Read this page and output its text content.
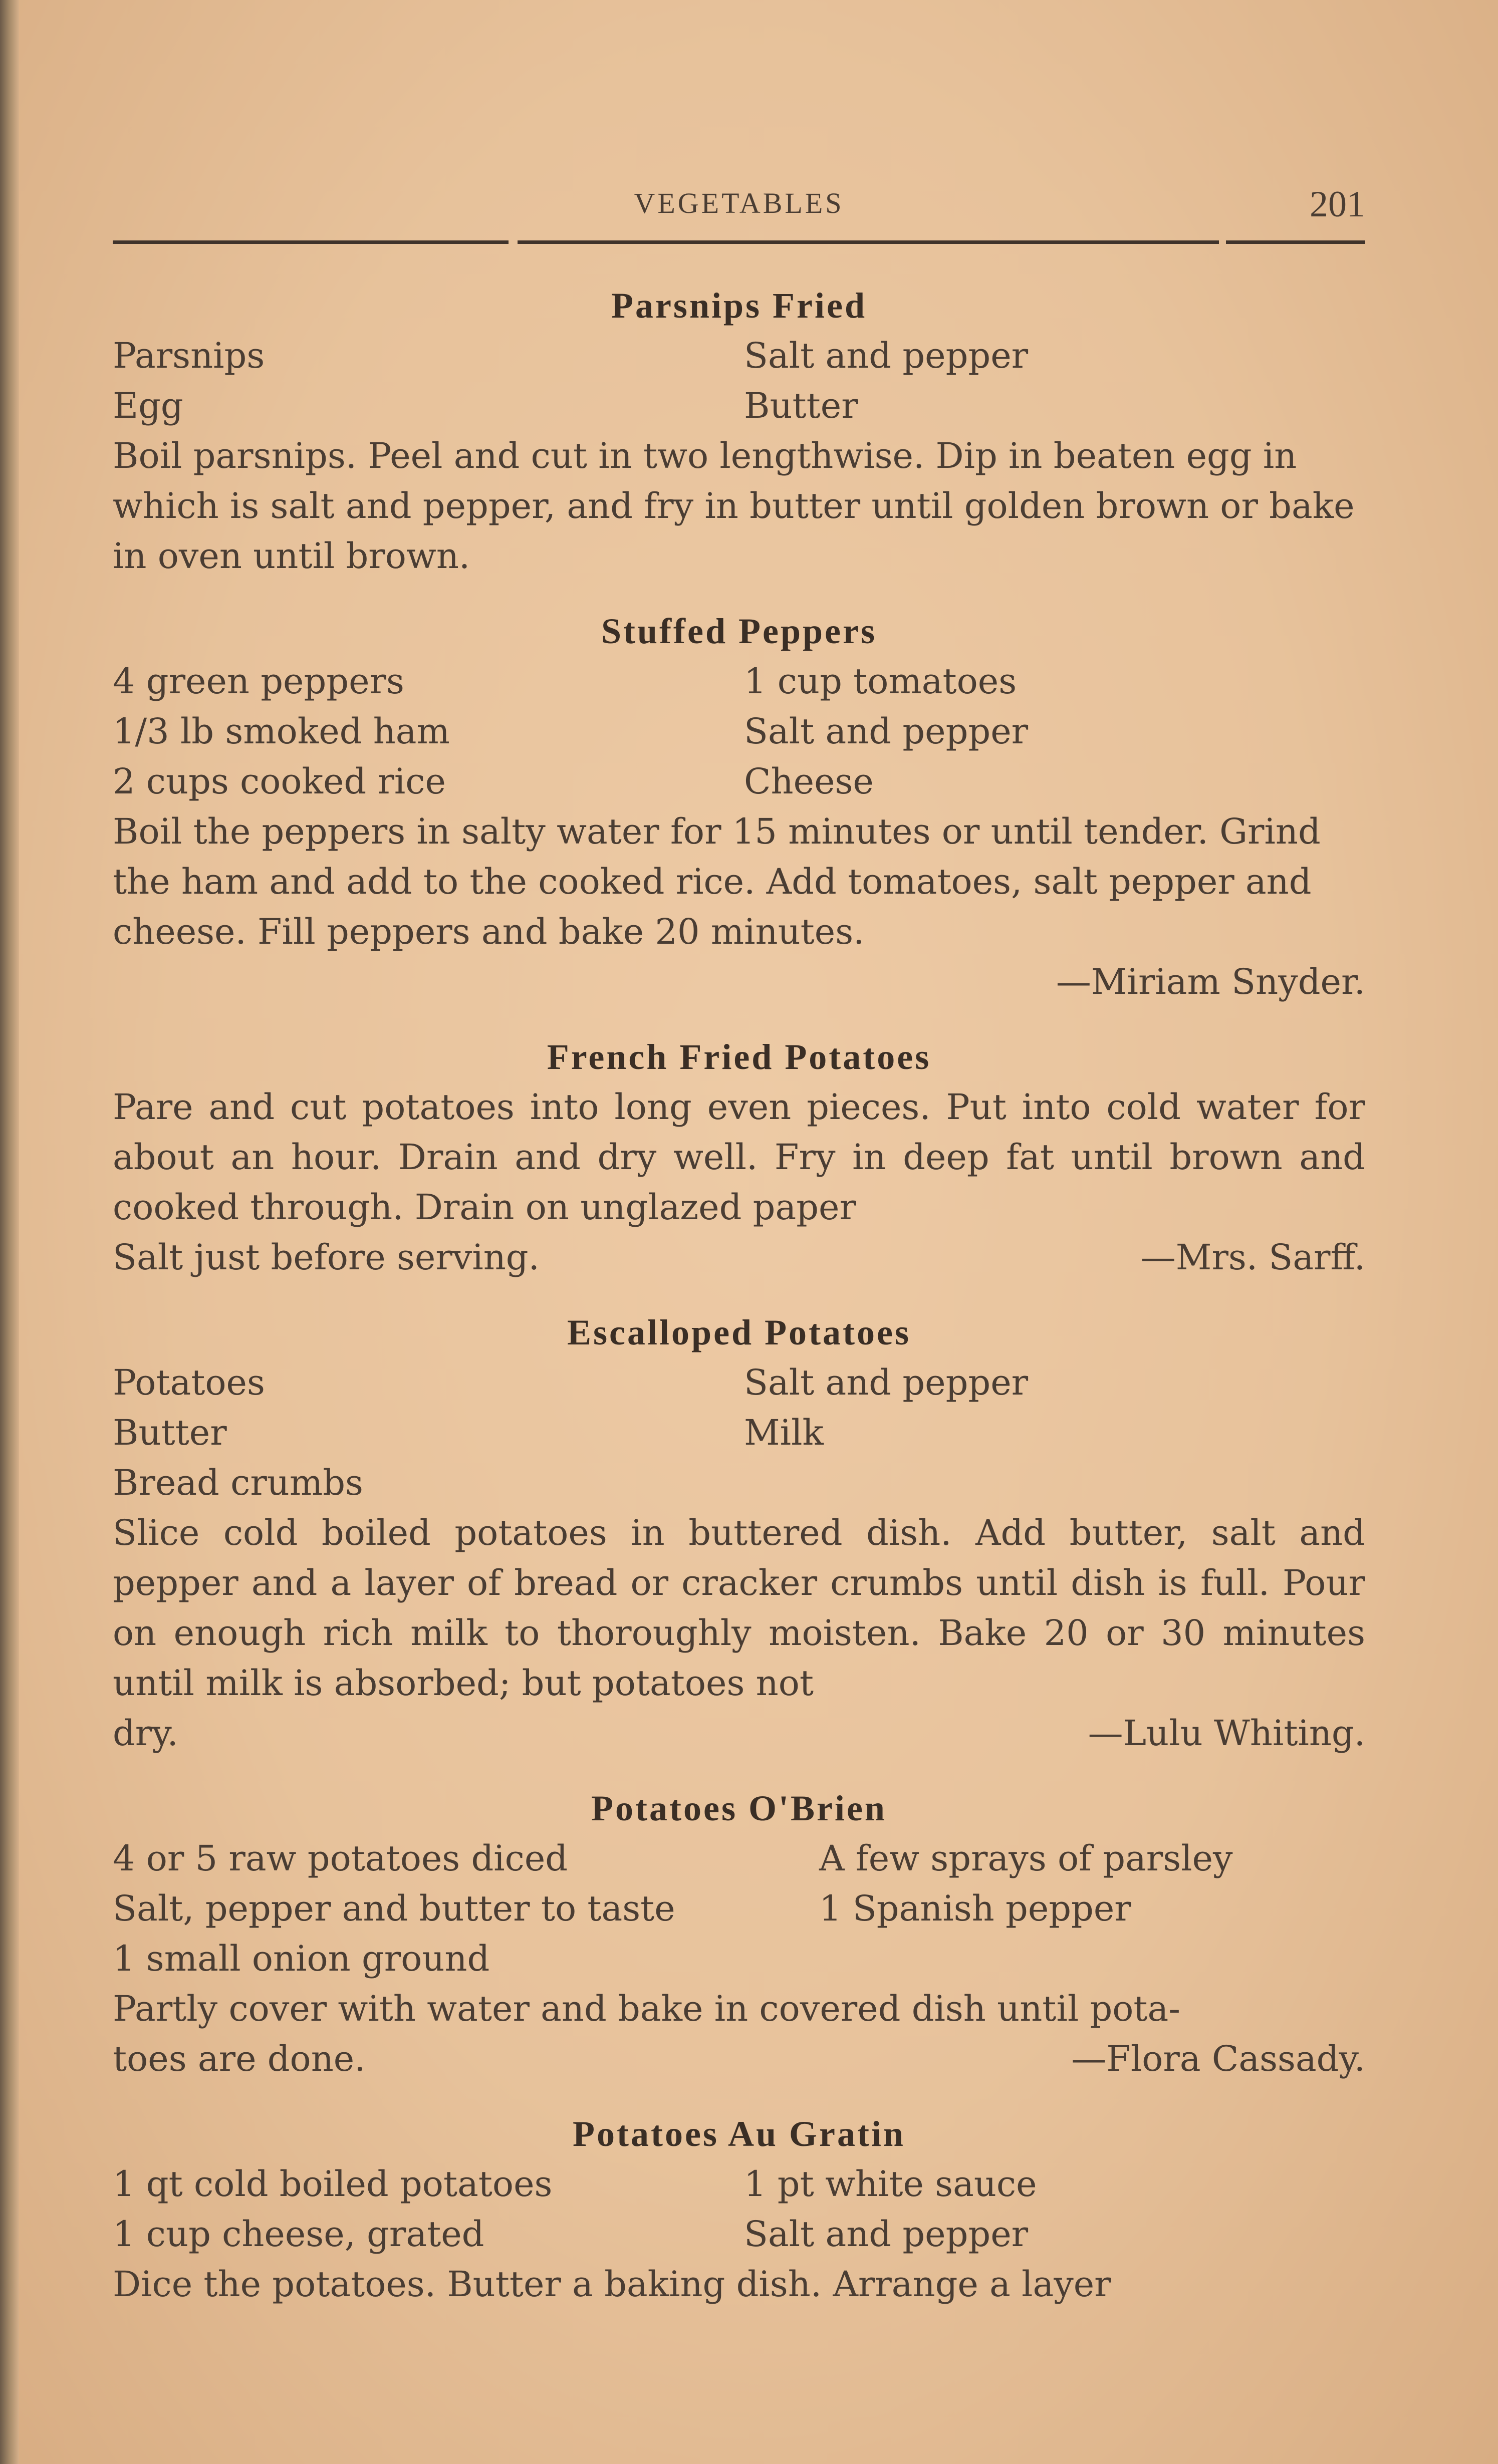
VEGETABLES	201
Parsnips Fried
Parsnips	Salt and pepper
Egg	Butter
Boil parsnips. Peel and cut in two lengthwise. Dip in beaten egg in which is salt and pepper, and fry in butter until golden brown or bake in oven until brown.
Stuffed Peppers
4 green peppers	1 cup tomatoes
1/3 lb smoked ham	Salt and pepper
2 cups cooked rice	Cheese
Boil the peppers in salty water for 15 minutes or until tender. Grind the ham and add to the cooked rice. Add tomatoes, salt pepper and cheese. Fill peppers and bake 20 minutes.
—Miriam Snyder.
French Fried Potatoes
Pare and cut potatoes into long even pieces. Put into cold water for about an hour. Drain and dry well. Fry in deep fat until brown and cooked through. Drain on unglazed paper
Salt just before serving.	—Mrs. Sarff.
Escalloped Potatoes
Potatoes	Salt and pepper
Butter	Milk
Bread crumbs
Slice cold boiled potatoes in buttered dish. Add butter, salt and pepper and a layer of bread or cracker crumbs until dish is full. Pour on enough rich milk to thoroughly moisten. Bake 20 or 30 minutes until milk is absorbed; but potatoes not
dry.	—Lulu Whiting.
Potatoes O'Brien
4 or 5 raw potatoes diced	A few sprays of parsley
Salt, pepper and butter to taste	1 Spanish pepper
1 small onion ground
Partly cover with water and bake in covered dish until pota-
toes are done.	—Flora Cassady.
Potatoes Au Gratin
1 qt cold boiled potatoes	1 pt white sauce
1 cup cheese, grated	Salt and pepper
Dice the potatoes. Butter a baking dish. Arrange a layer
